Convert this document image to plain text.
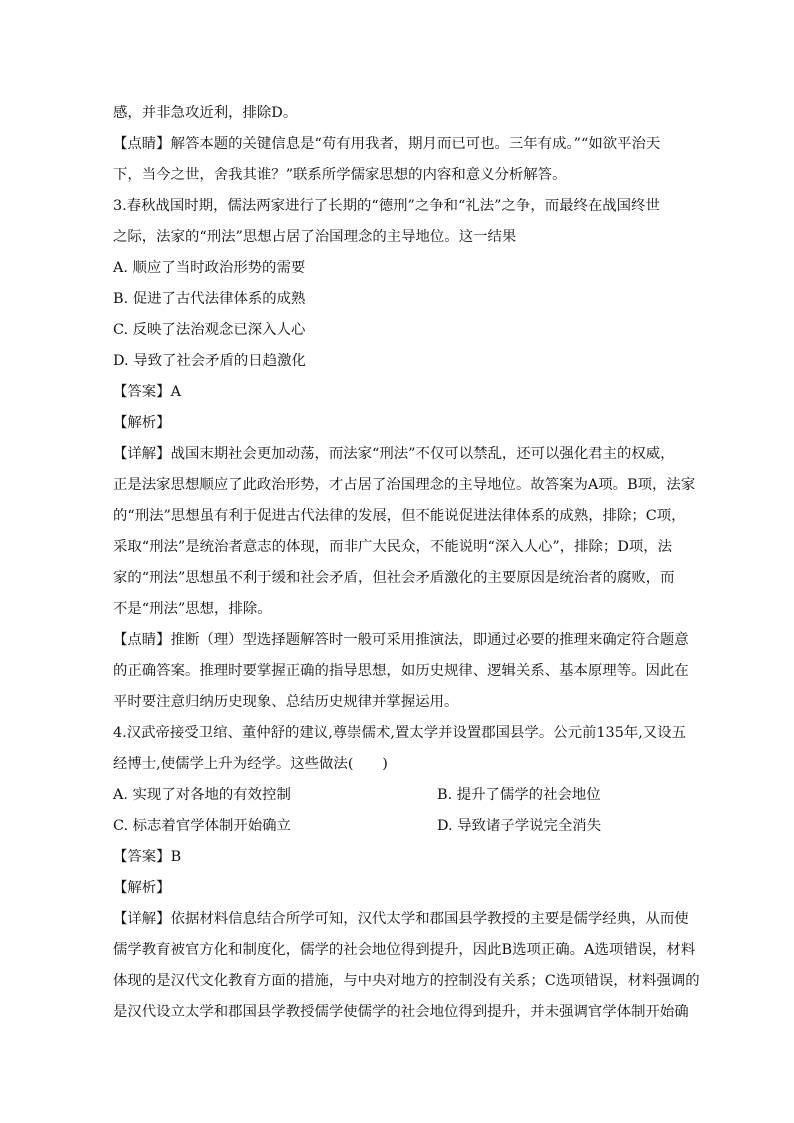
感，并非急攻近利，排除D。

【点睛】解答本题的关键信息是“苟有用我者，期月而已可也。三年有成。”“如欲平治天

下，当今之世，舍我其谁？”联系所学儒家思想的内容和意义分析解答。

3.春秋战国时期，儒法两家进行了长期的“德刑”之争和“礼法”之争，而最终在战国终世

之际，法家的“刑法”思想占居了治国理念的主导地位。这一结果

A. 顺应了当时政治形势的需要

B. 促进了古代法律体系的成熟

C. 反映了法治观念已深入人心

D. 导致了社会矛盾的日趋激化

【答案】A

【解析】

【详解】战国末期社会更加动荡，而法家“刑法”不仅可以禁乱，还可以强化君主的权威，

正是法家思想顺应了此政治形势，才占居了治国理念的主导地位。故答案为A项。B项，法家

的“刑法”思想虽有利于促进古代法律的发展，但不能说促进法律体系的成熟，排除；C项，

采取“刑法”是统治者意志的体现，而非广大民众，不能说明“深入人心”，排除；D项，法

家的“刑法”思想虽不利于缓和社会矛盾，但社会矛盾激化的主要原因是统治者的腐败，而

不是“刑法”思想，排除。

【点睛】推断（理）型选择题解答时一般可采用推演法，即通过必要的推理来确定符合题意

的正确答案。推理时要掌握正确的指导思想，如历史规律、逻辑关系、基本原理等。因此在

平时要注意归纳历史现象、总结历史规律并掌握运用。

4.汉武帝接受卫绾、董仲舒的建议,尊崇儒术,置太学并设置郡国县学。公元前135年,又设五

经博士,使儒学上升为经学。这些做法(　　)

A. 实现了对各地的有效控制	B. 提升了儒学的社会地位
C. 标志着官学体制开始确立	D. 导致诸子学说完全消失

【答案】B

【解析】

【详解】依据材料信息结合所学可知，汉代太学和郡国县学教授的主要是儒学经典，从而使

儒学教育被官方化和制度化，儒学的社会地位得到提升，因此B选项正确。A选项错误，材料

体现的是汉代文化教育方面的措施，与中央对地方的控制没有关系；C选项错误，材料强调的

是汉代设立太学和郡国县学教授儒学使儒学的社会地位得到提升，并未强调官学体制开始确
